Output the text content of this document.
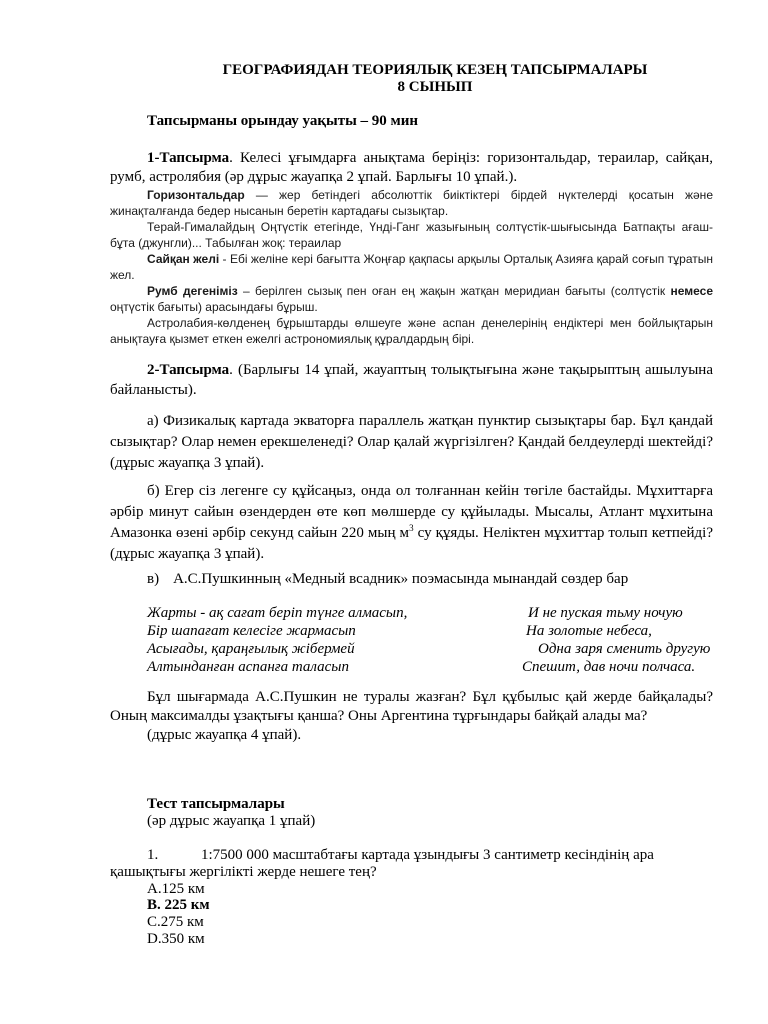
ГЕОГРАФИЯДАН ТЕОРИЯЛЫҚ КЕЗЕҢ ТАПСЫРМАЛАРЫ
8 СЫНЫП
Тапсырманы орындау уақыты – 90 мин
1-Тапсырма. Келесі ұғымдарға анықтама беріңіз: горизонтальдар, тераилар, сайқан, румб, астролябия (әр дұрыс жауапқа 2 ұпай. Барлығы 10 ұпай.).
Горизонтальдар — жер бетіндегі абсолюттік биіктіктері бірдей нүктелерді қосатын және жинақталғанда бедер нысанын беретін картадағы сызықтар.
Терай-Гималайдың Оңтүстік етегінде, Үнді-Ганг жазығының солтүстік-шығысында Батпақты ағаш-бұта (джунгли)... Табылған жоқ: тераилар
Сайқан желі - Ебі желіне кері бағытта Жоңғар қақпасы арқылы Орталық Азияға қарай соғып тұратын жел.
Румб дегеніміз – берілген сызық пен оған ең жақын жатқан меридиан бағыты (солтүстік немесе оңтүстік бағыты) арасындағы бұрыш.
Астролабия-көлденең бұрыштарды өлшеуге және аспан денелерінің ендіктері мен бойлықтарын анықтауға қызмет еткен ежелгі астрономиялық құралдардың бірі.
2-Тапсырма. (Барлығы 14 ұпай, жауаптың толықтығына және тақырыптың ашылуына байланысты).
а) Физикалық картада экваторға параллель жатқан пунктир сызықтары бар. Бұл қандай сызықтар? Олар немен ерекшеленеді? Олар қалай жүргізілген? Қандай белдеулерді шектейді? (дұрыс жауапқа 3 ұпай).
б) Егер сіз легенге су құйсаңыз, онда ол толғаннан кейін төгіле бастайды. Мұхиттарға әрбір минут сайын өзендерден өте көп мөлшерде су құйылады. Мысалы, Атлант мұхитына Амазонка өзені әрбір секунд сайын 220 мың $м^3$ су құяды. Неліктен мұхиттар толып кетпейді? (дұрыс жауапқа 3 ұпай).
в) А.С.Пушкинның «Медный всадник» поэмасында мынандай сөздер бар
Жарты - ақ сағат беріп түнге алмасып,
Бір шапағат келесіге жармасып
Асығады, қараңғылық жібермей
Алтынданған аспанға таласып
И не пуская тьму ночую
На золотые небеса,
Одна заря сменить другую
Спешит, дав ночи полчаса.
Бұл шығармада А.С.Пушкин не туралы жазған? Бұл құбылыс қай жерде байқалады? Оның максималды ұзақтығы қанша? Оны Аргентина тұрғындары байқай алады ма?
(дұрыс жауапқа 4 ұпай).
Тест тапсырмалары
(әр дұрыс жауапқа 1 ұпай)
1.	1:7500 000 масштабтағы картада ұзындығы 3 сантиметр кесіндінің ара
қашықтығы жергілікті жерде нешеге тең?
А.125 км
В. 225 км
С.275 км
D.350 км
